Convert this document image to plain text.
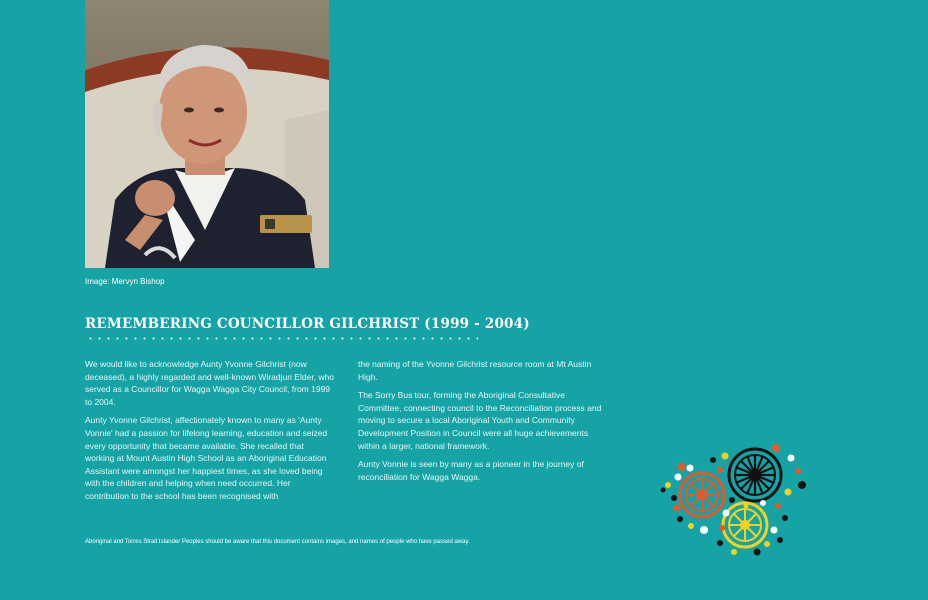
Image: Mervyn Bishop
REMEMBERING COUNCILLOR GILCHRIST (1999 - 2004)

We would like to acknowledge Aunty Yvonne Gilchrist (now deceased), a highly regarded and well-known Wiradjuri Elder, who served as a Councillor for Wagga Wagga City Council, from 1999 to 2004.

Aunty Yvonne Gilchrist, affectionately known to many as 'Aunty Vonnie' had a passion for lifelong learning, education and seized every opportunity that became available. She recalled that working at Mount Austin High School as an Aboriginal Education Assistant were amongst her happiest times, as she loved being with the children and helping when need occurred. Her contribution to the school has been recognised with

the naming of the Yvonne Gilchrist resource room at Mt Austin High.

The Sorry Bus tour, forming the Aboriginal Consultative Committee, connecting council to the Reconciliation process and moving to secure a local Aboriginal Youth and Community Development Position in Council were all huge achievements within a larger, national framework.

Aunty Vonnie is seen by many as a pioneer in the journey of reconciliation for Wagga Wagga.

Aboriginal and Torres Strait Islander Peoples should be aware that this document contains images, and names of people who have passed away.
